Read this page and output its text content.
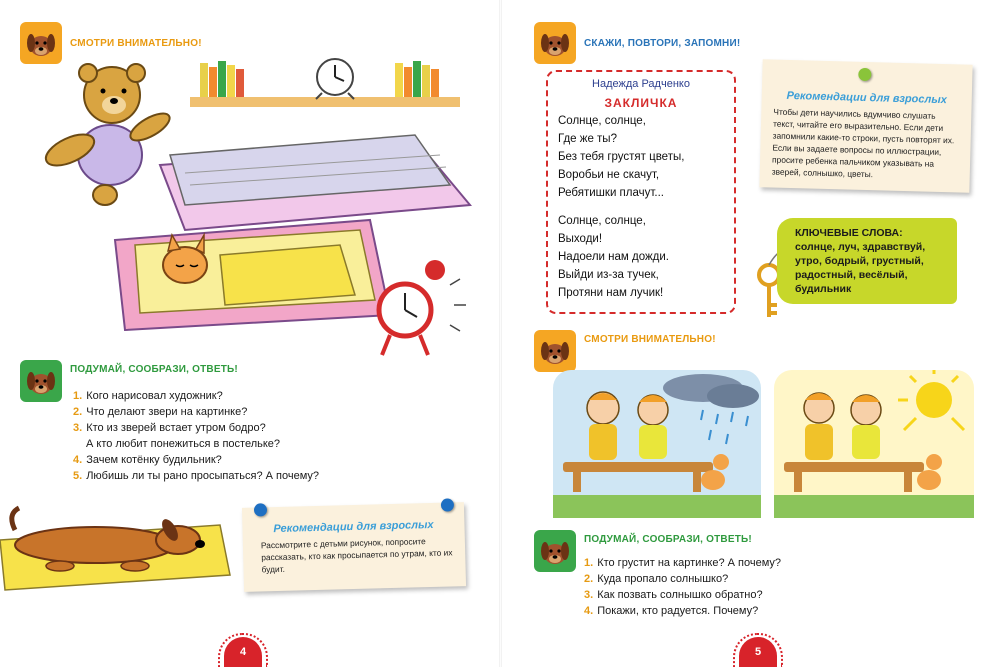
СМОТРИ ВНИМАТЕЛЬНО!
ПОДУМАЙ, СООБРАЗИ, ОТВЕТЬ!
1. Кого нарисовал художник?
2. Что делают звери на картинке?
3. Кто из зверей встает утром бодро?
А кто любит понежиться в постельке?
4. Зачем котёнку будильник?
5. Любишь ли ты рано просыпаться? А почему?
Рекомендации для взрослых
Рассмотрите с детьми рисунок, попросите рассказать, кто как просыпается по утрам, кто их будит.
4
СКАЖИ, ПОВТОРИ, ЗАПОМНИ!
Надежда Радченко
ЗАКЛИЧКА
Солнце, солнце,
Где же ты?
Без тебя грустят цветы,
Воробьи не скачут,
Ребятишки плачут...
Солнце, солнце,
Выходи!
Надоели нам дожди.
Выйди из-за тучек,
Протяни нам лучик!
Рекомендации для взрослых
Чтобы дети научились вдумчиво слушать текст, читайте его выразительно. Если дети запомнили какие-то строки, пусть повторят их. Если вы задаете вопросы по иллюстрации, просите ребенка пальчиком указывать на зверей, солнышко, цветы.
КЛЮЧЕВЫЕ СЛОВА:
солнце, луч, здравствуй,
утро, бодрый, грустный,
радостный, весёлый,
будильник
СМОТРИ ВНИМАТЕЛЬНО!
ПОДУМАЙ, СООБРАЗИ, ОТВЕТЬ!
1. Кто грустит на картинке? А почему?
2. Куда пропало солнышко?
3. Как позвать солнышко обратно?
4. Покажи, кто радуется. Почему?
5
